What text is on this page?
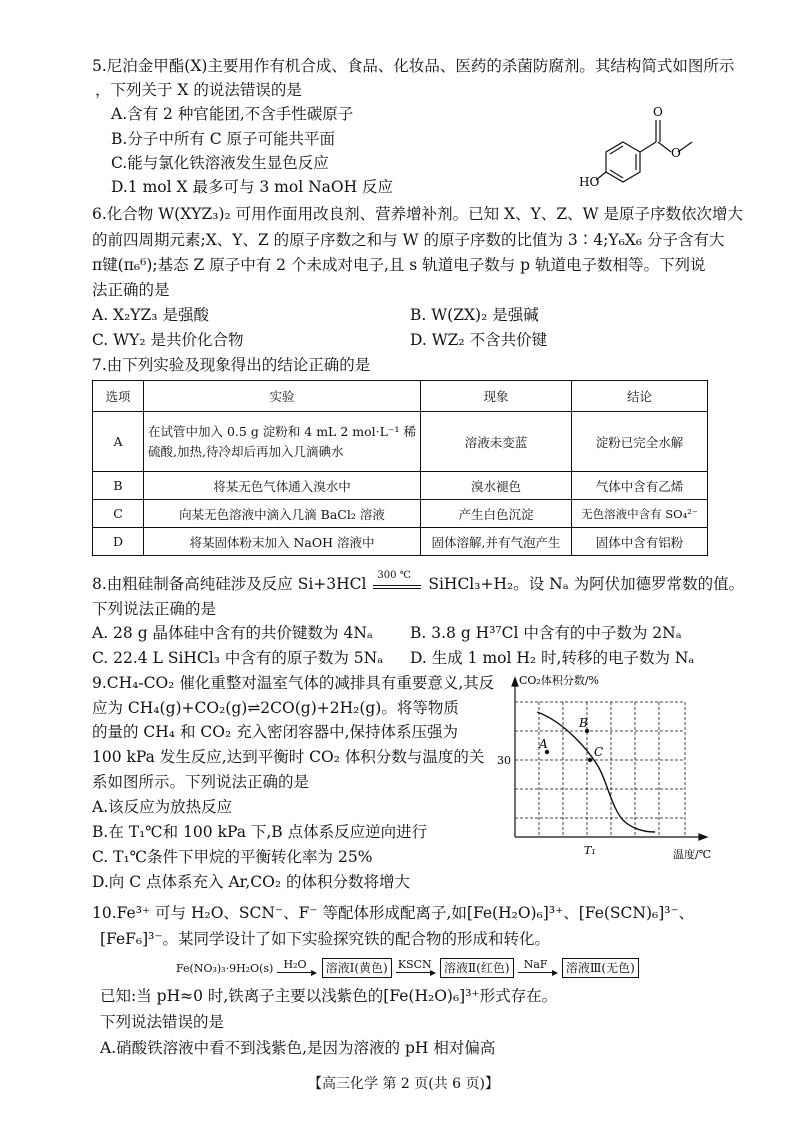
5.尼泊金甲酯(X)主要用作有机合成、食品、化妆品、医药的杀菌防腐剂。其结构简式如图所示
，下列关于 X 的说法错误的是
A.含有 2 种官能团,不含手性碳原子
B.分子中所有 C 原子可能共平面
C.能与氯化铁溶液发生显色反应
D.1 mol X 最多可与 3 mol NaOH 反应
O
O
HO
6.化合物 W(XYZ₃)₂ 可用作面用改良剂、营养增补剂。已知 X、Y、Z、W 是原子序数依次增大
的前四周期元素;X、Y、Z 的原子序数之和与 W 的原子序数的比值为 3∶4;Y₆X₆ 分子含有大
π键(π₆⁶);基态 Z 原子中有 2 个未成对电子,且 s 轨道电子数与 p 轨道电子数相等。下列说
法正确的是
A. X₂YZ₃ 是强酸	B. W(ZX)₂ 是强碱
C. WY₂ 是共价化合物	D. WZ₂ 不含共价键
7.由下列实验及现象得出的结论正确的是
选项	实验	现象	结论
A	在试管中加入 0.5 g 淀粉和 4 mL 2 mol·L⁻¹ 稀硫酸,加热,待冷却后再加入几滴碘水	溶液未变蓝	淀粉已完全水解
B	将某无色气体通入溴水中	溴水褪色	气体中含有乙烯
C	向某无色溶液中滴入几滴 BaCl₂ 溶液	产生白色沉淀	无色溶液中含有 SO₄²⁻
D	将某固体粉末加入 NaOH 溶液中	固体溶解,并有气泡产生	固体中含有铝粉
8.由粗硅制备高纯硅涉及反应 Si+3HCl 300 ℃ SiHCl₃+H₂。设 Nₐ 为阿伏加德罗常数的值。
下列说法正确的是
A. 28 g 晶体硅中含有的共价键数为 4Nₐ B. 3.8 g H³⁷Cl 中含有的中子数为 2Nₐ
C. 22.4 L SiHCl₃ 中含有的原子数为 5Nₐ D. 生成 1 mol H₂ 时,转移的电子数为 Nₐ
9.CH₄-CO₂ 催化重整对温室气体的减排具有重要意义,其反
应为 CH₄(g)+CO₂(g)⇌2CO(g)+2H₂(g)。将等物质
的量的 CH₄ 和 CO₂ 充入密闭容器中,保持体系压强为
100 kPa 发生反应,达到平衡时 CO₂ 体积分数与温度的关
系如图所示。下列说法正确的是
A.该反应为放热反应
B.在 T₁℃和 100 kPa 下,B 点体系反应逆向进行
C. T₁℃条件下甲烷的平衡转化率为 25%
D.向 C 点体系充入 Ar,CO₂ 的体积分数将增大
CO₂体积分数/%
温度/℃
30
T₁
A
B
C
10.Fe³⁺ 可与 H₂O、SCN⁻、F⁻ 等配体形成配离子,如[Fe(H₂O)₆]³⁺、[Fe(SCN)₆]³⁻、
[FeF₆]³⁻。某同学设计了如下实验探究铁的配合物的形成和转化。
Fe(NO₃)₃·9H₂O(s) H₂O 溶液Ⅰ(黄色) KSCN 溶液Ⅱ(红色) NaF 溶液Ⅲ(无色)
已知:当 pH≈0 时,铁离子主要以浅紫色的[Fe(H₂O)₆]³⁺形式存在。
下列说法错误的是
A.硝酸铁溶液中看不到浅紫色,是因为溶液的 pH 相对偏高
【高三化学 第 2 页(共 6 页)】
